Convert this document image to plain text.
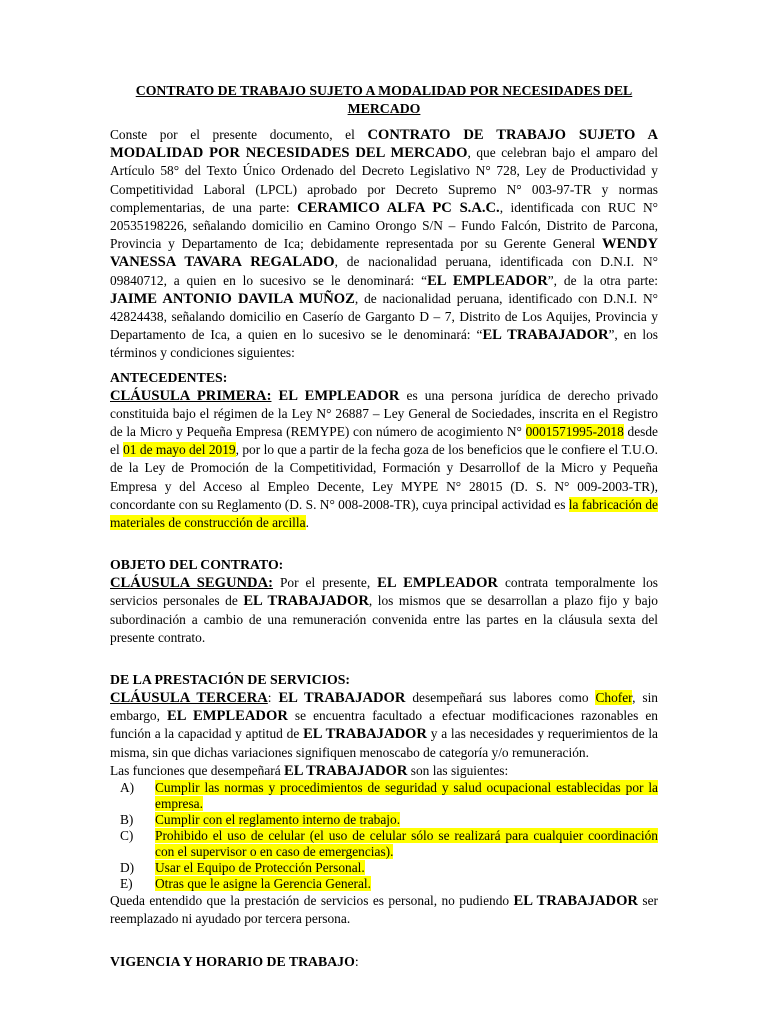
CONTRATO DE TRABAJO SUJETO A MODALIDAD POR NECESIDADES DEL MERCADO

Conste por el presente documento, el CONTRATO DE TRABAJO SUJETO A MODALIDAD POR NECESIDADES DEL MERCADO, que celebran bajo el amparo del Artículo 58° del Texto Único Ordenado del Decreto Legislativo N° 728, Ley de Productividad y Competitividad Laboral (LPCL) aprobado por Decreto Supremo N° 003-97-TR y normas complementarias, de una parte: CERAMICO ALFA PC S.A.C., identificada con RUC N° 20535198226, señalando domicilio en Camino Orongo S/N – Fundo Falcón, Distrito de Parcona, Provincia y Departamento de Ica; debidamente representada por su Gerente General WENDY VANESSA TAVARA REGALADO, de nacionalidad peruana, identificada con D.N.I. N° 09840712, a quien en lo sucesivo se le denominará: “EL EMPLEADOR”, de la otra parte: JAIME ANTONIO DAVILA MUÑOZ, de nacionalidad peruana, identificado con D.N.I. N° 42824438, señalando domicilio en Caserío de Garganto D – 7, Distrito de Los Aquijes, Provincia y Departamento de Ica, a quien en lo sucesivo se le denominará: “EL TRABAJADOR”, en los términos y condiciones siguientes:

ANTECEDENTES:

CLÁUSULA PRIMERA: EL EMPLEADOR es una persona jurídica de derecho privado constituida bajo el régimen de la Ley N° 26887 – Ley General de Sociedades, inscrita en el Registro de la Micro y Pequeña Empresa (REMYPE) con número de acogimiento N° 0001571995-2018 desde el 01 de mayo del 2019, por lo que a partir de la fecha goza de los beneficios que le confiere el T.U.O. de la Ley de Promoción de la Competitividad, Formación y Desarrollof de la Micro y Pequeña Empresa y del Acceso al Empleo Decente, Ley MYPE N° 28015 (D. S. N° 009-2003-TR), concordante con su Reglamento (D. S. N° 008-2008-TR), cuya principal actividad es la fabricación de materiales de construcción de arcilla.

OBJETO DEL CONTRATO:

CLÁUSULA SEGUNDA: Por el presente, EL EMPLEADOR contrata temporalmente los servicios personales de EL TRABAJADOR, los mismos que se desarrollan a plazo fijo y bajo subordinación a cambio de una remuneración convenida entre las partes en la cláusula sexta del presente contrato.

DE LA PRESTACIÓN DE SERVICIOS:

CLÁUSULA TERCERA: EL TRABAJADOR desempeñará sus labores como Chofer, sin embargo, EL EMPLEADOR se encuentra facultado a efectuar modificaciones razonables en función a la capacidad y aptitud de EL TRABAJADOR y a las necesidades y requerimientos de la misma, sin que dichas variaciones signifiquen menoscabo de categoría y/o remuneración.

Las funciones que desempeñará EL TRABAJADOR son las siguientes:

A) Cumplir las normas y procedimientos de seguridad y salud ocupacional establecidas por la empresa.
B) Cumplir con el reglamento interno de trabajo.
C) Prohibido el uso de celular (el uso de celular sólo se realizará para cualquier coordinación con el supervisor o en caso de emergencias).
D) Usar el Equipo de Protección Personal.
E) Otras que le asigne la Gerencia General.

Queda entendido que la prestación de servicios es personal, no pudiendo EL TRABAJADOR ser reemplazado ni ayudado por tercera persona.

VIGENCIA Y HORARIO DE TRABAJO:
